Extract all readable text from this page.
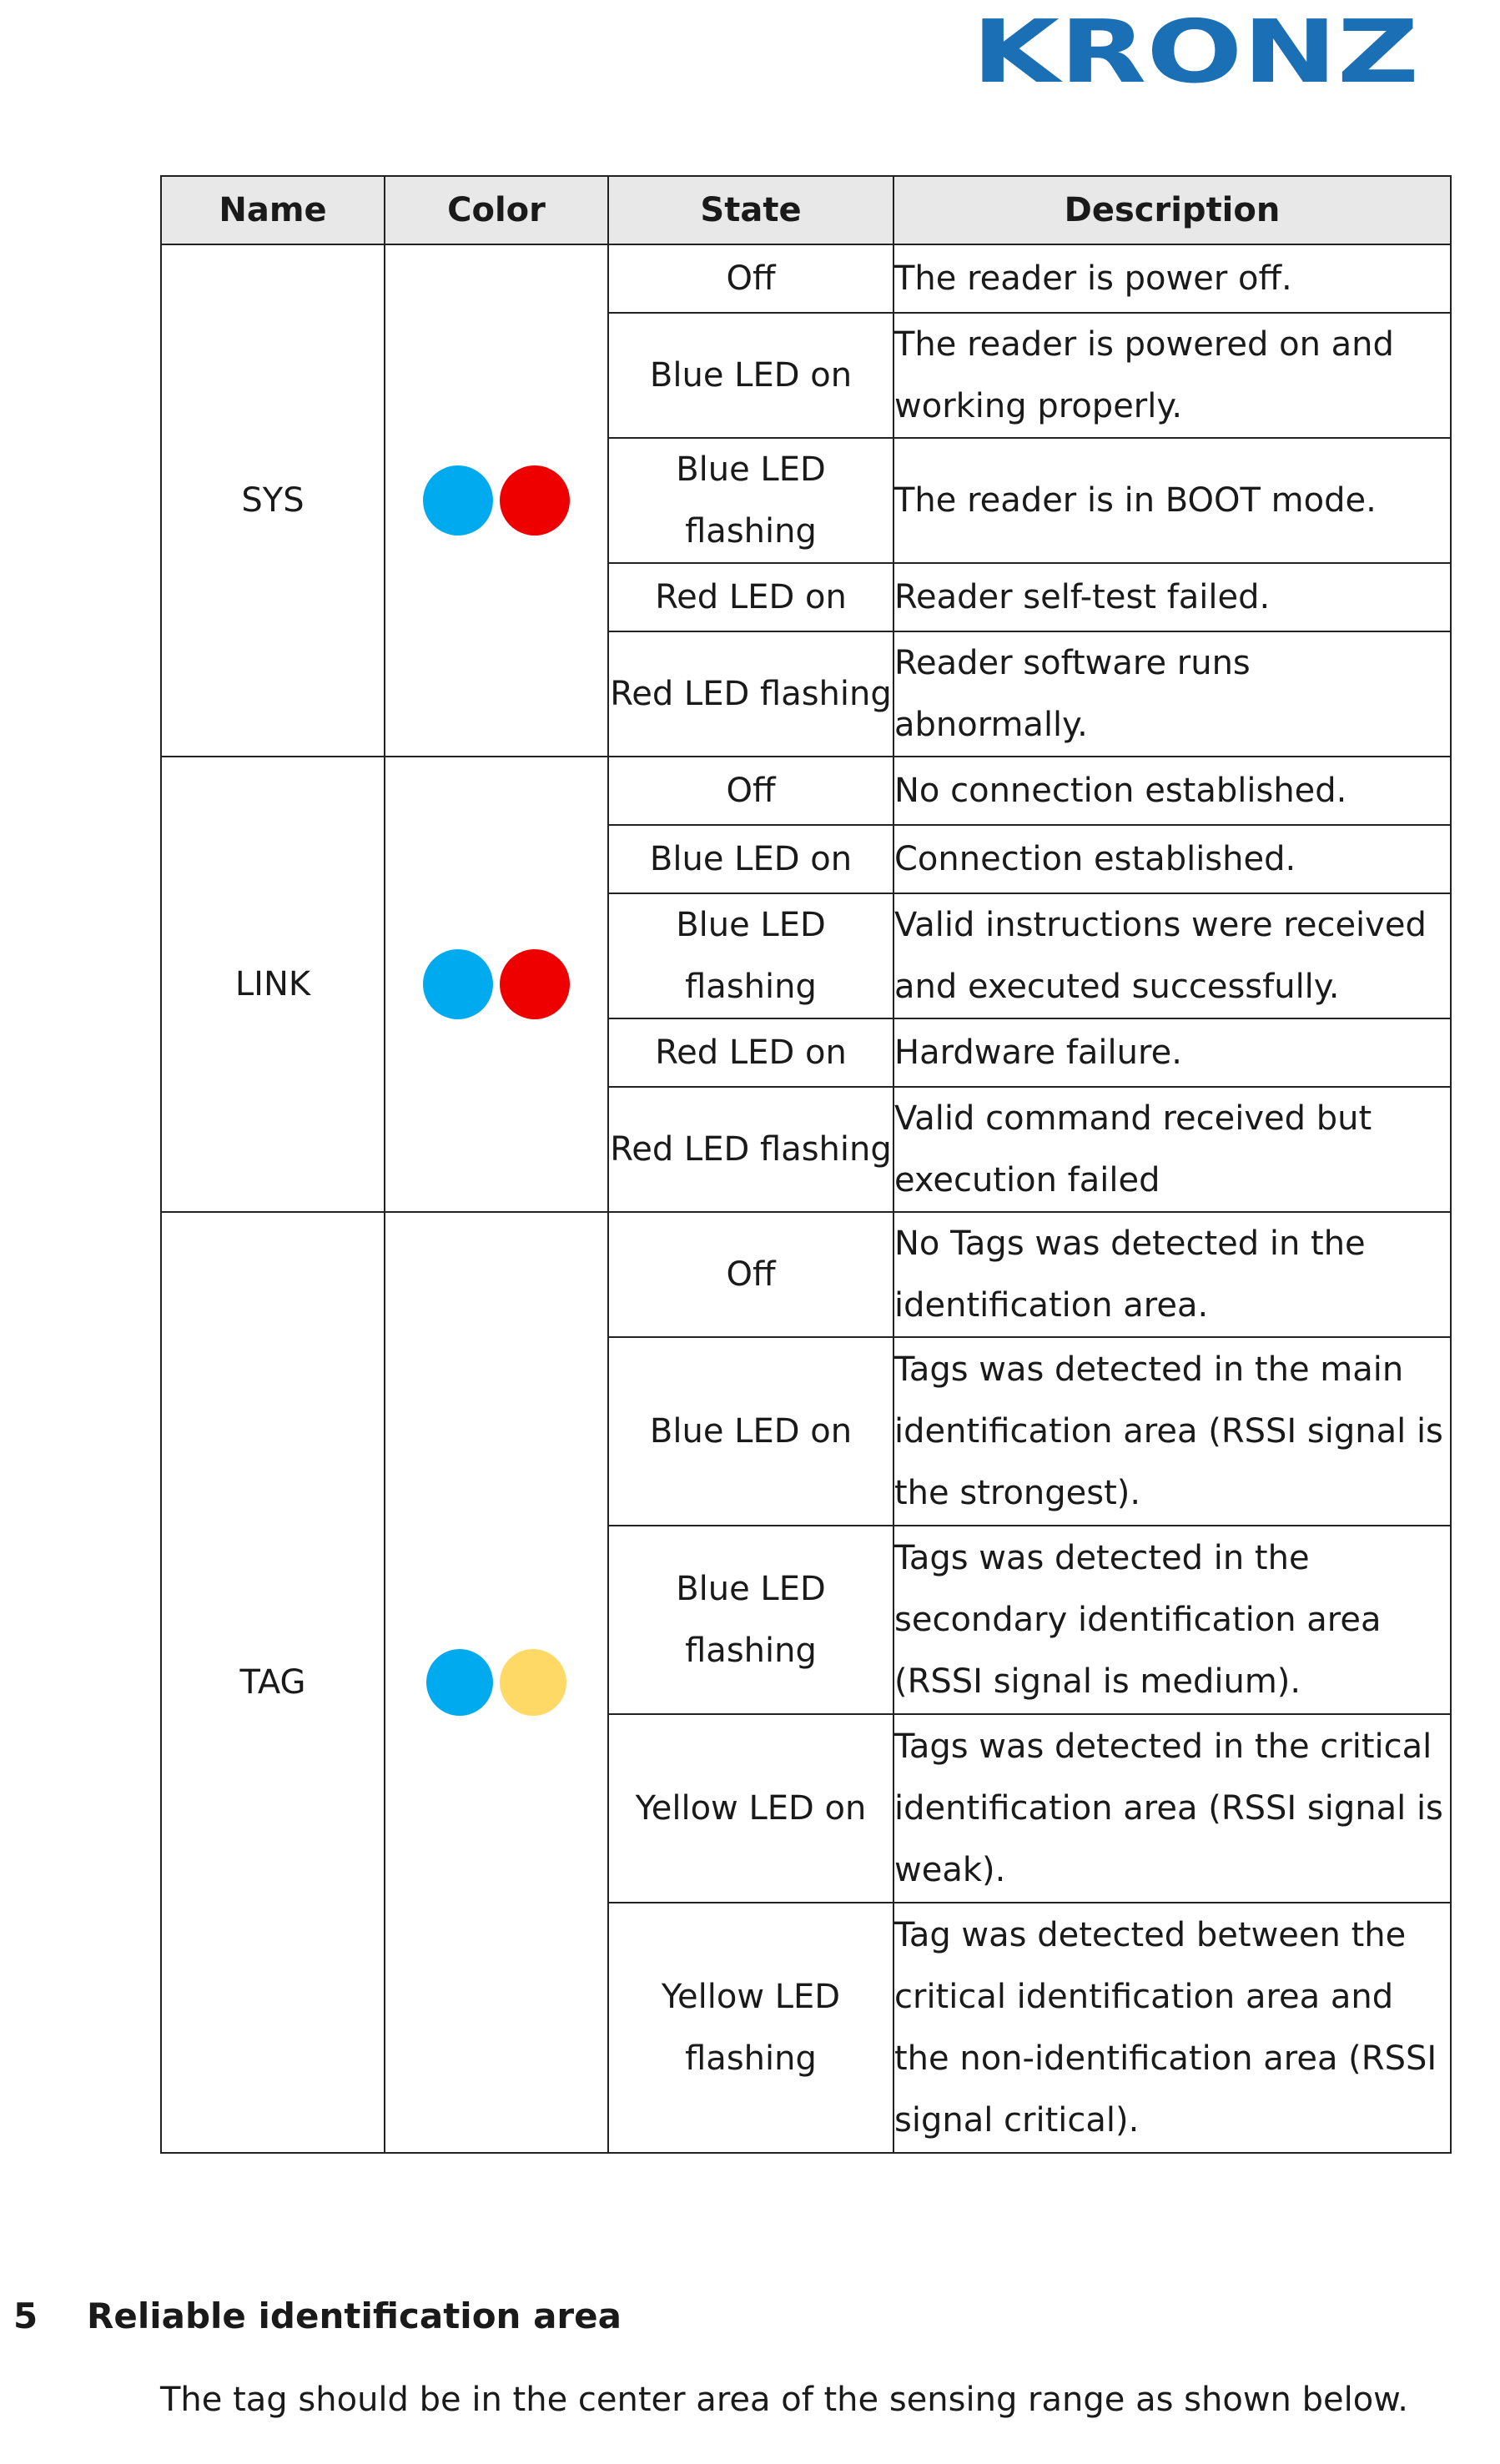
KRONZ
Name	Color	State	Description
SYS		Off	The reader is power off.
		Blue LED on	The reader is powered on and working properly.
		Blue LED flashing	The reader is in BOOT mode.
		Red LED on	Reader self-test failed.
		Red LED flashing	Reader software runs abnormally.
LINK		Off	No connection established.
		Blue LED on	Connection established.
		Blue LED flashing	Valid instructions were received and executed successfully.
		Red LED on	Hardware failure.
		Red LED flashing	Valid command received but execution failed
TAG		Off	No Tags was detected in the identification area.
		Blue LED on	Tags was detected in the main identification area (RSSI signal is the strongest).
		Blue LED flashing	Tags was detected in the secondary identification area (RSSI signal is medium).
		Yellow LED on	Tags was detected in the critical identification area (RSSI signal is weak).
		Yellow LED flashing	Tag was detected between the critical identification area and the non-identification area (RSSI signal critical).
5 Reliable identification area
The tag should be in the center area of the sensing range as shown below.
